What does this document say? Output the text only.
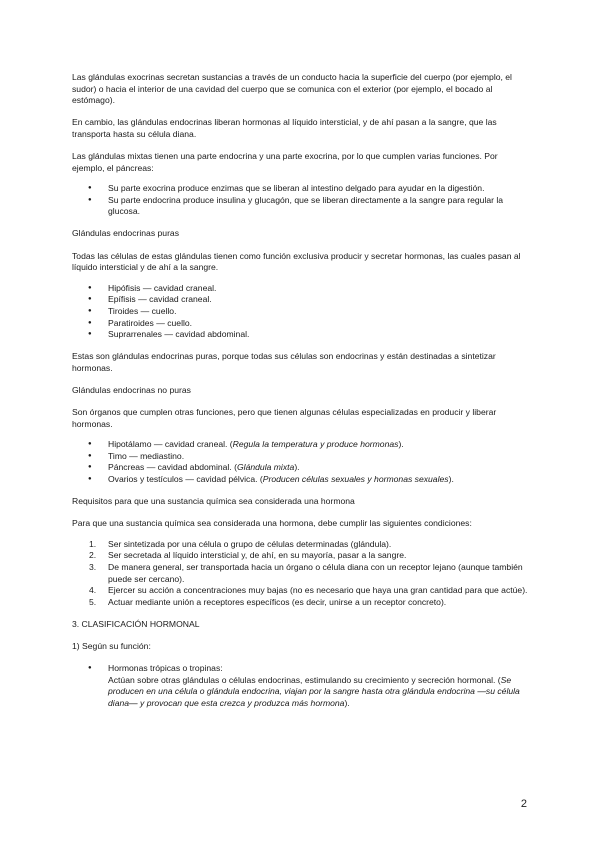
Las glándulas exocrinas secretan sustancias a través de un conducto hacia la superficie del cuerpo (por ejemplo, el sudor) o hacia el interior de una cavidad del cuerpo que se comunica con el exterior (por ejemplo, el bocado al estómago).

En cambio, las glándulas endocrinas liberan hormonas al líquido intersticial, y de ahí pasan a la sangre, que las transporta hasta su célula diana.

Las glándulas mixtas tienen una parte endocrina y una parte exocrina, por lo que cumplen varias funciones. Por ejemplo, el páncreas:

● Su parte exocrina produce enzimas que se liberan al intestino delgado para ayudar en la digestión.
● Su parte endocrina produce insulina y glucagón, que se liberan directamente a la sangre para regular la glucosa.

Glándulas endocrinas puras

Todas las células de estas glándulas tienen como función exclusiva producir y secretar hormonas, las cuales pasan al líquido intersticial y de ahí a la sangre.

● Hipófisis — cavidad craneal.
● Epífisis — cavidad craneal.
● Tiroides — cuello.
● Paratiroides — cuello.
● Suprarrenales — cavidad abdominal.

Estas son glándulas endocrinas puras, porque todas sus células son endocrinas y están destinadas a sintetizar hormonas.

Glándulas endocrinas no puras

Son órganos que cumplen otras funciones, pero que tienen algunas células especializadas en producir y liberar hormonas.

● Hipotálamo — cavidad craneal. (Regula la temperatura y produce hormonas).
● Timo — mediastino.
● Páncreas — cavidad abdominal. (Glándula mixta).
● Ovarios y testículos — cavidad pélvica. (Producen células sexuales y hormonas sexuales).

Requisitos para que una sustancia química sea considerada una hormona

Para que una sustancia química sea considerada una hormona, debe cumplir las siguientes condiciones:

1. Ser sintetizada por una célula o grupo de células determinadas (glándula).
2. Ser secretada al líquido intersticial y, de ahí, en su mayoría, pasar a la sangre.
3. De manera general, ser transportada hacia un órgano o célula diana con un receptor lejano (aunque también puede ser cercano).
4. Ejercer su acción a concentraciones muy bajas (no es necesario que haya una gran cantidad para que actúe).
5. Actuar mediante unión a receptores específicos (es decir, unirse a un receptor concreto).

3. CLASIFICACIÓN HORMONAL

1) Según su función:

● Hormonas trópicas o tropinas:
Actúan sobre otras glándulas o células endocrinas, estimulando su crecimiento y secreción hormonal. (Se producen en una célula o glándula endocrina, viajan por la sangre hasta otra glándula endocrina —su célula diana— y provocan que esta crezca y produzca más hormona).
2
